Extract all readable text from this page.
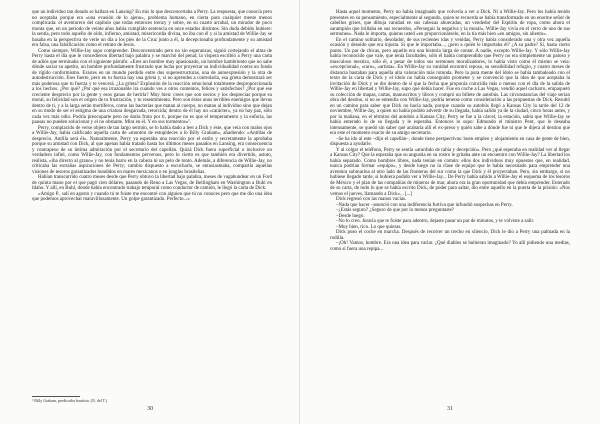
que un individuo tan dotado se hallara en Lansing? En mis lo que desconcertaba a Perry. La respuesta, que conocía pero no aceptaba porque era «una evasión de lo ajeno», problema humano, en cierta para cualquier mente menos complicada: el aventurero del capítulo que todas entonces trenzy y sobre, en su cuarto arrabal, un mirador de poco monta que, en un periodo de veinte años había cumplido sentencia en once estados distintos. Sin duda debido hubiere: la sentía, pero todo aquello de oído, infierno, amistad, misericordia divina, no iba con él y si la amistad de Willie-Jay se basaba en la perspectiva de verle un día a los pies de la Cruz junto a él, la decepcionaba profundamente y su amistad era falsa, una falsificación como el retrato de Jesús.

Como siempre, Willie-Jay supo comprender. Desconcentrado pero no sin esperanzas, siguió cortejando el alma de Perry hasta el día que le concedieron libertad bajo palabra y se marchó del penal; la víspera escribió a Perry una carta de adiós que terminaba con el siguiente párrafo: «Eres un hombre muy apasionado, un hombre hambriento que no sabe dónde saciar su apetito, un hombre profundamente frustrado que lucha por proyectar su individualidad contra un fondo de rígido conformismo. Existes en un mundo perdido entre dos superestructuras, una de autoexpresión y la otra de autodestrucción. Eres fuerte, pero en tu fuerza hay una grieta y, si no aprendes a controlarla, esa grieta demostrará ser más poderosa que tu fuerza y te vencerá. ¿La grieta? Explosión de la reacción emocional totalmente desproporcionada a los hechos. ¿Por qué? ¿Por qué esa irrazonable ira cuando ves a otros contentos, felices y satisfechos? ¿Por qué ese creciente desprecio por la gente y esos ganas de herirla? Muy bien: crees que son necios y los desprecias porque su moral, su felicidad son el origen de tu frustración, y tu resentimiento. Pero son éstos unos terribles enemigos que llevas dentro de ti, y a la larga serán mortíferos, como las bacterias que matan al cuerpo, no matan al individuo sino que dejan en su modo de ser el estigma de una criatura desgarrada, retorcida; dentro de él hay un «carácter», ya no hay paz, sólo cada vez más odio. Podría preocuparte pero no darás fruto por ti, porque no es que el temperamento y la euforia, las pausas no pueden solucionar y el no obstante. Mira en él. Y en sus tormentos»¹.

Perry, complacido de verse objeto de tan largo sermón, se lo había dado a leer a Dick y éste, que veía con malos ojos a Willie-Jay, había calificado aquella carta de «montón de estupideces a lo Billy Graham», añadiendo: «Antillas de desprecio. Antilla será él». Naturalmente, Perry ya esperaba una reacción por el estilo y secretamente la aprobaba porque su amistad con Dick, al que apenas había tratado hasta los últimos meses pasados en Lansing, era consecuencia y contrapeso de su íntima admiración por el secretario del capellán. Quizá Dick fuera superficial o inclusive un verdadero infiel, como Willie-Jay, con fundamentos perversos, pero lo cierto es que también era divertido, astuto, realista, «iba directo al grano» y no tenía barro en la cabeza ni un pelo de tonto. Además, a diferencia de Willie-Jay, no criticaba las extrañas aspiraciones de Perry; cambio dispuesto a escucharlo, se entusiasmaba, compartía aquellas visiones de tesoros garantizados hundidos en mares mexicanos o en junglas brasileñas.

Habían transcurrido cuatro meses desde que Perry obtuvo la libertad bajo palabra, meses de vagabundear en un Ford de quinta mano por el que pagó cien dólares, pasando de Reno a Las Vegas, de Bellingham en Washington a Buhl en Idaho. Y allí, en Buhl, donde había encontrado trabajo temporal como conductor de camión, le llegó la carta de Dick:

«Amigo P., salí en agosto y cuando tú te fuiste me encontré con alguien que tú no conoces pero que me dio una idea que podemos aprovechar maravillosamente. Un golpe garantizado. Perfecto...»

¹ Billy Graham, predicador bautista. (N. del T.)
30

Hasta aquel momento, Perry no había imaginado que volvería a ver a Dick. Ni a Willie-Jay. Pero los había tenido presentes en su pensamiento, especialmente al segundo, quien se recuerda se había transformado en un enorme señor de cabellos grises, que dibuja vanidad en sus cabezas ahuecadas, un vendedor del Espíritu de ropa, como ahora el sarampión que brillaba en sus recuerdos, «Perseguir la negativa y la moral». Willie-Jay vivía en el cerro de uno de sus sermones». Nada le importa, quieras usted «en proporcionárselo, en la tía más bien «en amigos, sin aliento».

En el camino solitario, desolador, de sus recientes idas y venidas, Perry había considerado una y otra vez aquella ocasión y desoído que era injusta. Si que le importaba..., ¿pero a quién le importaba él? ¿A su padre? Sí, hasta cierto punto. Un par de chicas, pero aquello era una historia larga de contar. A nadie, excepto Willie-Jay. Y sólo Willie-Jay había reconocido que vale, que tenía facultades, sólo él había comprendido que Perry no era simplemente un patoso y musculoso mestizo, sólo él, a pesar de todos sus sermones moralizadores, lo había visto como él mismo se veía: «excepcional», «raro», «artista». En Willie-Jay su vanidad encontró reposo, su sensibilidad refugio, y cuatro meses de distancia bastaban para aquella alta valoración más rotunda. Pero la pura mente del ídolo se había tambaleado con el texto de la carta de Dick y el ídolo no había conseguido prometer y se convenció que la idea de que aceptaba la invitación de Dick y se dio dentro de sí que la fecha que proponía coincidía más o menos con el día de la salida de Willie-Jay en libertad y Willie-Jay, supo qué debía hacer. Fue en coche a Las Vegas, vendió aquel cacharro, empaquetó su colección de mapas, cartas, manuscritos y libros y compró un billete de autobús. Las circunstancias del viaje serían obra del destino, si no se entendía con Willie-Jay, podría tenerse como consideración a las propuestas de Dick. Resultó en un camino para saber que Dick no hacía nada, porque cuando su autobús llegó a Kansas City la tarde del 12 de noviembre, Willie-Jay, a quien no había podido advertir de su llegada, había salido ya de la ciudad, cinco horas antes, y por la mañana, en el término del autobús a Kansas City, Perry se fue a la cárcel, la estación, sabía que Willie-Jay se había enterado lo de su llegada y le esperaba. Entonces lo supo: Edmundo el ministro Pent, que lo deseaba intensamente, se quedó sin saber qué acabaría allí el ex-preso y quién sabe a dónde fue ni que le dijera al destino que era este el momento exacto de su amigo secretario.

–Se ha ido al este –dijo el capellán–, donde tiene perspectivas: buen empleo y alojamiento en casa de gente de bien, dispuesta a ayudarle.

Y al colgar el teléfono, Perry se sentía «aturdido de rabia y decepción». Pero ¿qué esperaba en realidad ver al llegar a Kansas City? Que la esperaba que su angustia en su rostro le gritaba ante un encuentro con Willie-Jay? La libertad los había separado. Como hombres libres, nada tenían en común: ellos dos individuos muy opuestos que, en realidad, nunca podrían formar «equipo», y desde luego no la clase de equipo que le había necesitado para emprender una aventura submarina al otro lado de las fronteras del sur como la que Dick y él proyectaban. Pero, sin embargo, si no hubiese llegado tarde, si hubiera podido ver a Willie-Jay... De Perry había sabido a Willie-Jay el esquema de los tesoros de México y el plan de las compañías de mineros de mar, ahora era la gran oportunidad que debía emprender. Enterado de su carta, de todo lo que se había escrito Dick, de poder para saltar, dio entre aquello en la puerta de la prisión: «Nos vemos el jueves, llamando a Dick»... [...]

Dick regresó con las manos vacías.

–Nada que hacer –anunció con una indiferencia furtiva que infundió sospechas en Perry.

–¿Estás seguro? ¿Seguro de que por lo menos preguntaste?

–Desde luego.

–No lo creo. Juraría que te fuiste para adentro, dejaste pasar un par de minutos, y te volviste a salir.

–Muy bien, rico. Lo que quieras.

Dick puso el coche en marcha. Después de recorrer un trecho en silencio, Dick le dio a Perry una palmada en la rodilla.

–¡Oh! Vamos, hombre. Era una idea para variar. ¿Qué diablos se hubieran imaginado? Yo allí pidiendo una medias, como si fuera una repipa...

31
